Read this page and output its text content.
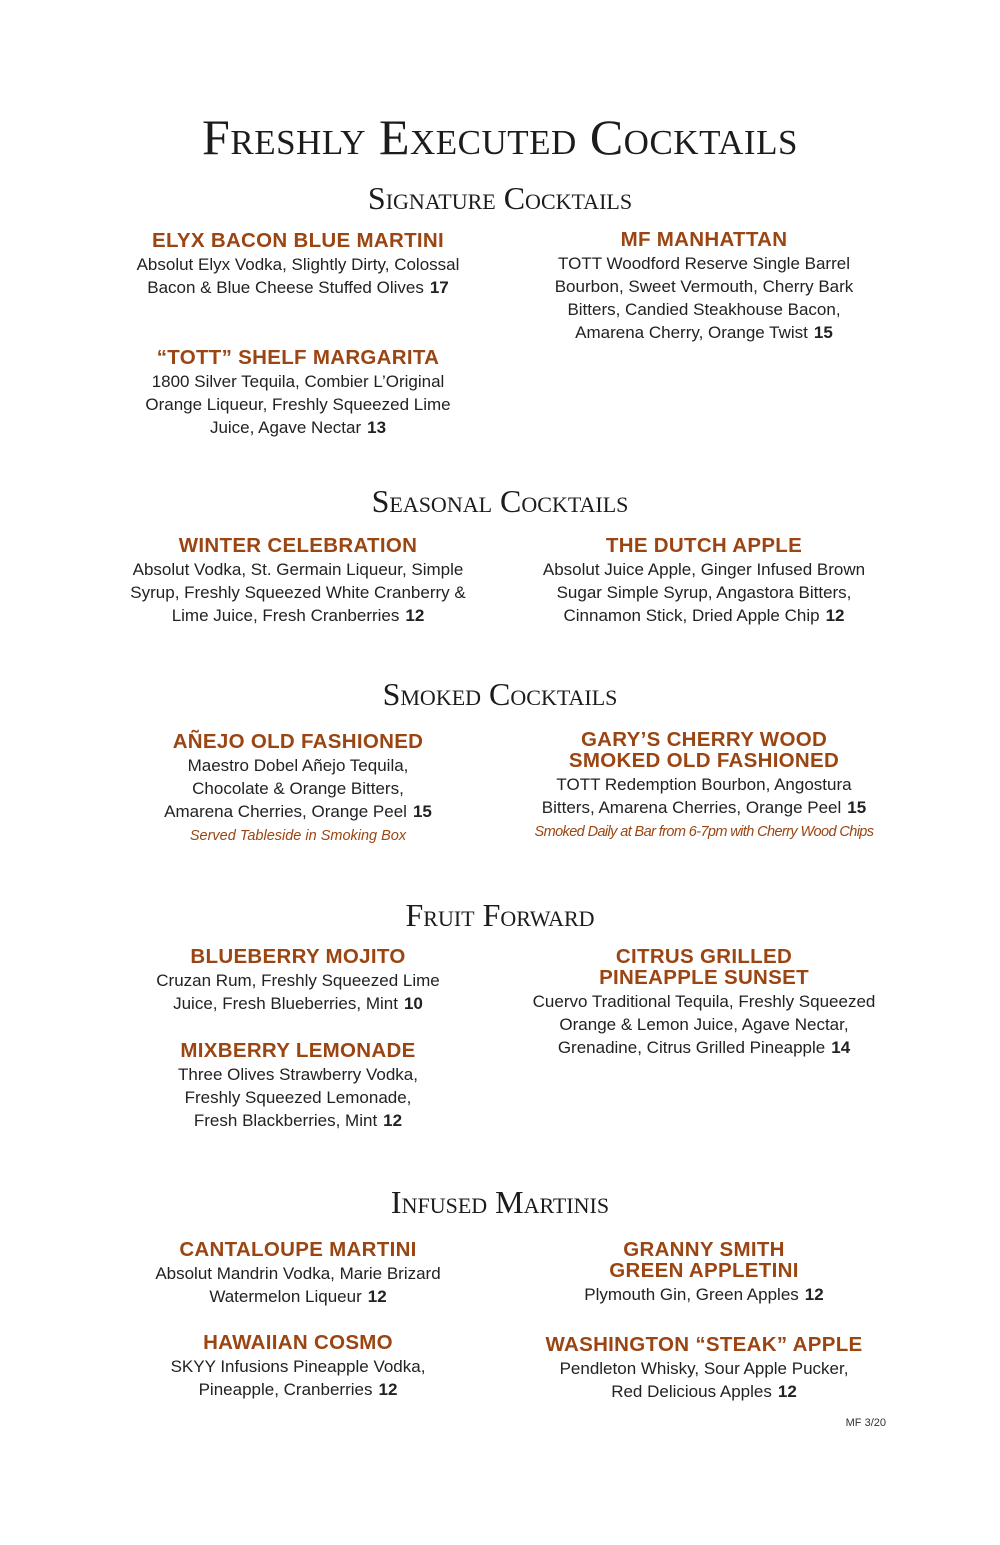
Freshly Executed Cocktails
Signature Cocktails
ELYX BACON BLUE MARTINI
Absolut Elyx Vodka, Slightly Dirty, Colossal
Bacon & Blue Cheese Stuffed Olives 17
“TOTT” SHELF MARGARITA
1800 Silver Tequila, Combier L’Original
Orange Liqueur, Freshly Squeezed Lime
Juice, Agave Nectar 13
MF MANHATTAN
TOTT Woodford Reserve Single Barrel
Bourbon, Sweet Vermouth, Cherry Bark
Bitters, Candied Steakhouse Bacon,
Amarena Cherry, Orange Twist 15
Seasonal Cocktails
WINTER CELEBRATION
Absolut Vodka, St. Germain Liqueur, Simple
Syrup, Freshly Squeezed White Cranberry &
Lime Juice, Fresh Cranberries 12
THE DUTCH APPLE
Absolut Juice Apple, Ginger Infused Brown
Sugar Simple Syrup, Angastora Bitters,
Cinnamon Stick, Dried Apple Chip 12
Smoked Cocktails
AÑEJO OLD FASHIONED
Maestro Dobel Añejo Tequila,
Chocolate & Orange Bitters,
Amarena Cherries, Orange Peel 15
Served Tableside in Smoking Box
GARY’S CHERRY WOOD
SMOKED OLD FASHIONED
TOTT Redemption Bourbon, Angostura
Bitters, Amarena Cherries, Orange Peel 15
Smoked Daily at Bar from 6-7pm with Cherry Wood Chips
Fruit Forward
BLUEBERRY MOJITO
Cruzan Rum, Freshly Squeezed Lime
Juice, Fresh Blueberries, Mint 10
MIXBERRY LEMONADE
Three Olives Strawberry Vodka,
Freshly Squeezed Lemonade,
Fresh Blackberries, Mint 12
CITRUS GRILLED
PINEAPPLE SUNSET
Cuervo Traditional Tequila, Freshly Squeezed
Orange & Lemon Juice, Agave Nectar,
Grenadine, Citrus Grilled Pineapple 14
Infused Martinis
CANTALOUPE MARTINI
Absolut Mandrin Vodka, Marie Brizard
Watermelon Liqueur 12
HAWAIIAN COSMO
SKYY Infusions Pineapple Vodka,
Pineapple, Cranberries 12
GRANNY SMITH
GREEN APPLETINI
Plymouth Gin, Green Apples 12
WASHINGTON “STEAK” APPLE
Pendleton Whisky, Sour Apple Pucker,
Red Delicious Apples 12
MF 3/20
